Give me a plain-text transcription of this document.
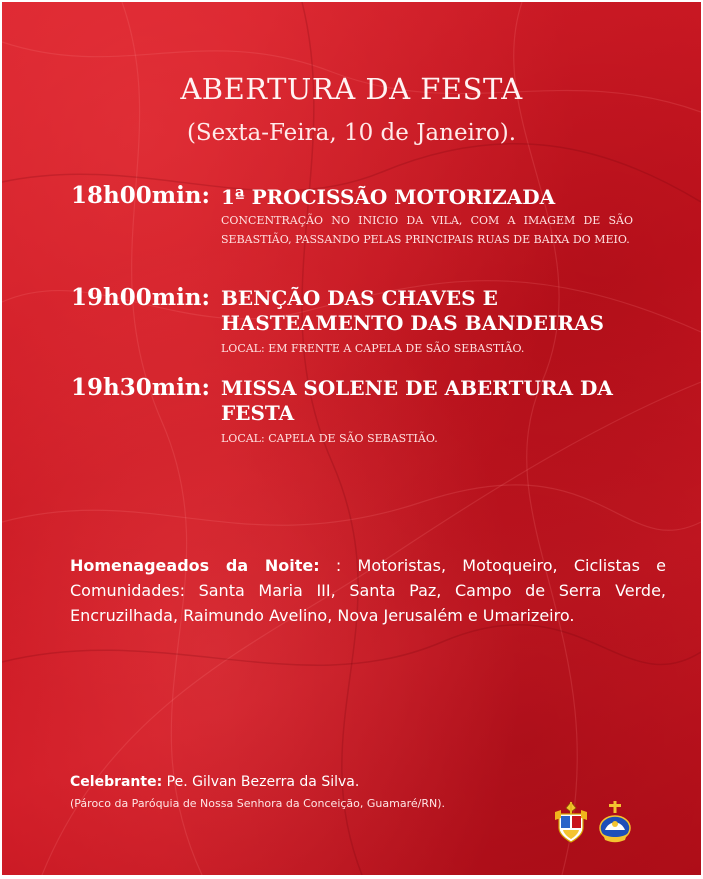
ABERTURA DA FESTA
(Sexta-Feira, 10 de Janeiro).
18h00min: 1ª PROCISSÃO MOTORIZADA
CONCENTRAÇÃO NO INICIO DA VILA, COM A IMAGEM DE SÃO SEBASTIÃO, PASSANDO PELAS PRINCIPAIS RUAS DE BAIXA DO MEIO.
19h00min: BENÇÃO DAS CHAVES E
HASTEAMENTO DAS BANDEIRAS
LOCAL: EM FRENTE A CAPELA DE SÃO SEBASTIÃO.
19h30min: MISSA SOLENE DE ABERTURA DA
FESTA
LOCAL: CAPELA DE SÃO SEBASTIÃO.
Homenageados da Noite: : Motoristas, Motoqueiro, Ciclistas e Comunidades: Santa Maria III, Santa Paz, Campo de Serra Verde, Encruzilhada, Raimundo Avelino, Nova Jerusalém e Umarizeiro.
Celebrante: Pe. Gilvan Bezerra da Silva.
(Pároco da Paróquia de Nossa Senhora da Conceição, Guamaré/RN).
